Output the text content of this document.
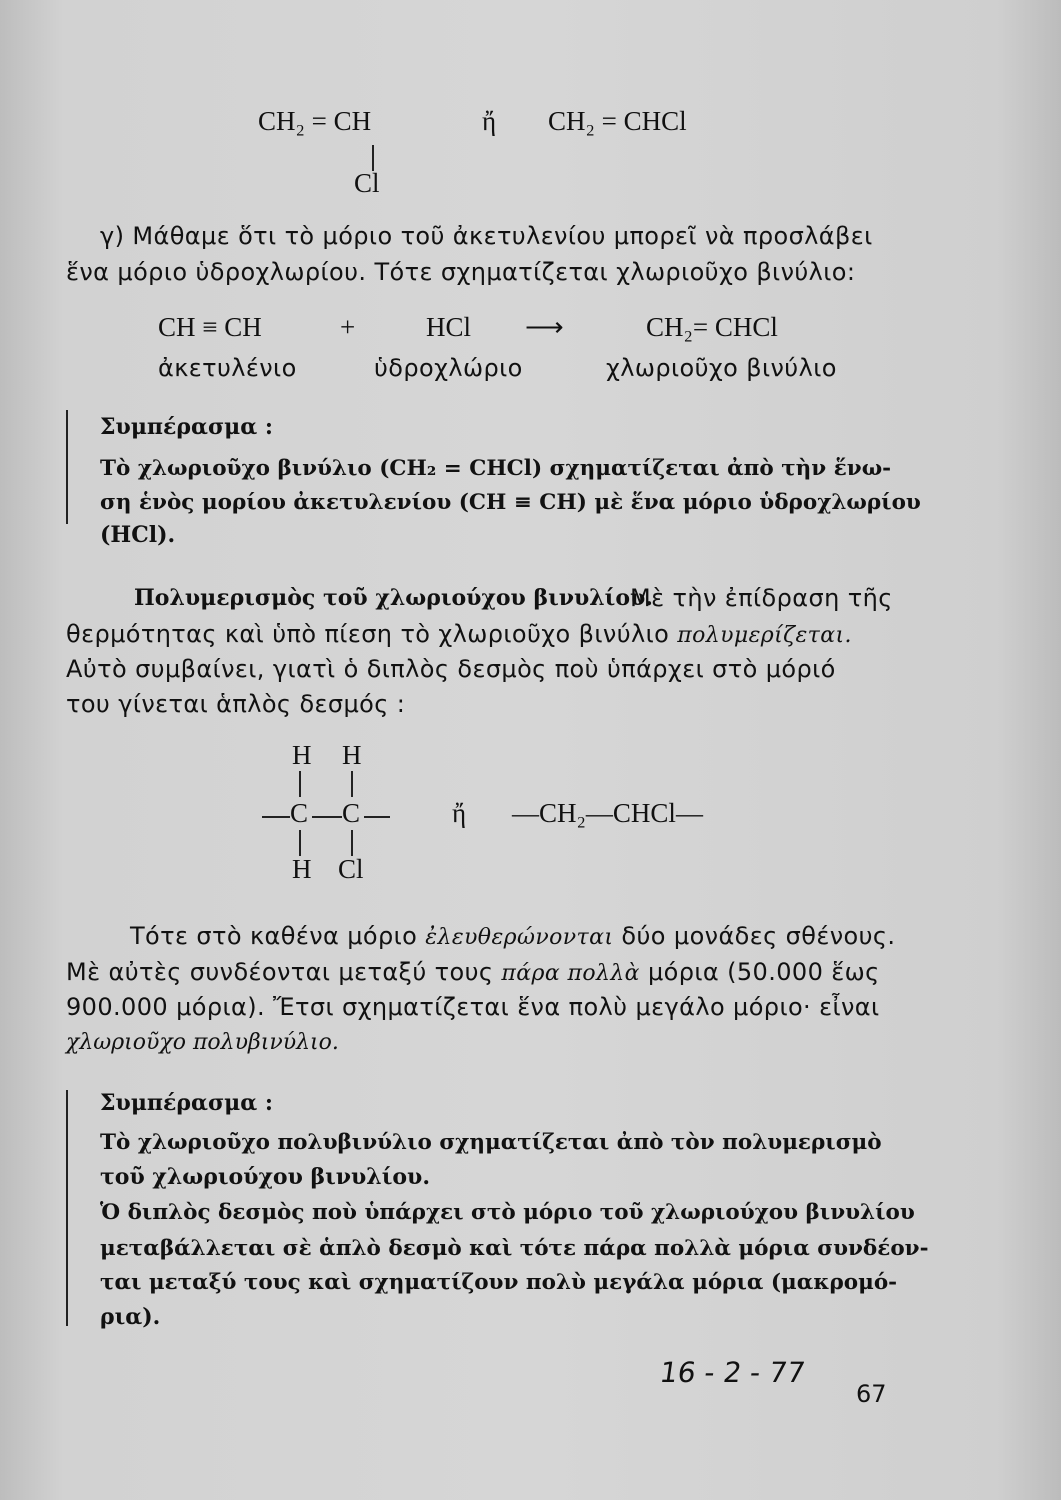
CH₂ = CH
Cl
ἤ CH₂ = CHCl
γ) Μάθαμε ὅτι τὸ μόριο τοῦ ἀκετυλενίου μπορεῖ νὰ προσλάβει
ἕνα μόριο ὑδροχλωρίου. Τότε σχηματίζεται χλωριοῦχο βινύλιο:
CH ≡ CH	+	HCl ⟶	CH₂= CHCl
ἀκετυλένιο	ὑδροχλώριο	χλωριοῦχο βινύλιο
Συμπέρασμα :
Τὸ χλωριοῦχο βινύλιο (CH₂ = CHCl) σχηματίζεται ἀπὸ τὴν ἕνω-
ση ἑνὸς μορίου ἀκετυλενίου (CH ≡ CH) μὲ ἕνα μόριο ὑδροχλωρίου
(HCl).
Πολυμερισμὸς τοῦ χλωριούχου βινυλίου.
Μὲ τὴν ἐπίδραση τῆς
θερμότητας καὶ ὑπὸ πίεση τὸ χλωριοῦχο βινύλιο πολυμερίζεται.
Αὐτὸ συμβαίνει, γιατὶ ὁ διπλὸς δεσμὸς ποὺ ὑπάρχει στὸ μόριό
του γίνεται ἁπλὸς δεσμός :
H H
C C
H Cl
ἤ —CH₂—CHCl—
Τότε στὸ καθένα μόριο ἐλευθερώνονται δύο μονάδες σθένους.
Μὲ αὐτὲς συνδέονται μεταξύ τους πάρα πολλὰ μόρια (50.000 ἕως
900.000 μόρια). Ἔτσι σχηματίζεται ἕνα πολὺ μεγάλο μόριο· εἶναι
χλωριοῦχο πολυβινύλιο.
Συμπέρασμα :
Τὸ χλωριοῦχο πολυβινύλιο σχηματίζεται ἀπὸ τὸν πολυμερισμὸ
τοῦ χλωριούχου βινυλίου.
Ὁ διπλὸς δεσμὸς ποὺ ὑπάρχει στὸ μόριο τοῦ χλωριούχου βινυλίου
μεταβάλλεται σὲ ἁπλὸ δεσμὸ καὶ τότε πάρα πολλὰ μόρια συνδέον-
ται μεταξύ τους καὶ σχηματίζουν πολὺ μεγάλα μόρια (μακρομό-
ρια).
16 - 2 - 77
67
